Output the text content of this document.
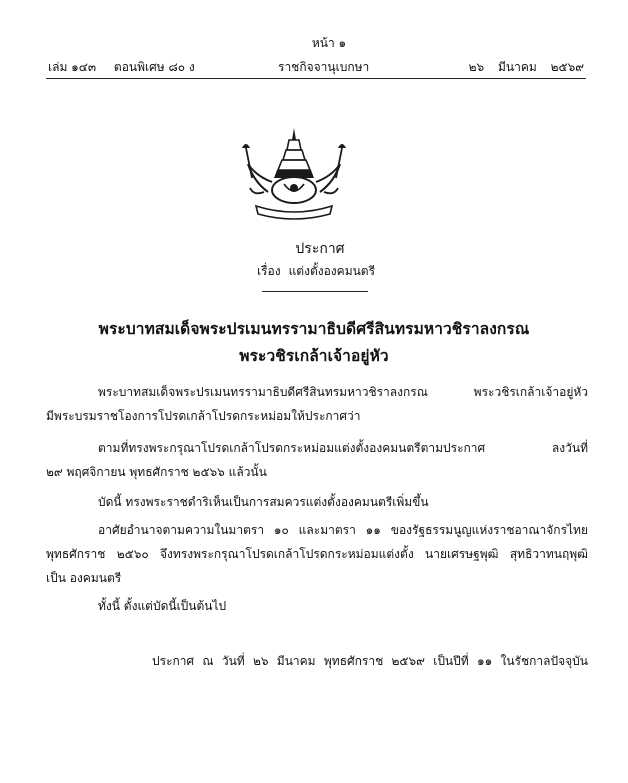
หน้า ๑
เล่ม ๑๔๓ ตอนพิเศษ ๘๐ ง	ราชกิจจานุเบกษา	๒๖ มีนาคม ๒๕๖๙
ประกาศ
เรื่อง แต่งตั้งองคมนตรี
พระบาทสมเด็จพระปรเมนทรรามาธิบดีศรีสินทรมหาวชิราลงกรณ
พระวชิรเกล้าเจ้าอยู่หัว
พระบาทสมเด็จพระปรเมนทรรามาธิบดีศรีสินทรมหาวชิราลงกรณ พระวชิรเกล้าเจ้าอยู่หัว
มีพระบรมราชโองการโปรดเกล้าโปรดกระหม่อมให้ประกาศว่า
ตามที่ทรงพระกรุณาโปรดเกล้าโปรดกระหม่อมแต่งตั้งองคมนตรีตามประกาศ ลงวันที่
๒๙ พฤศจิกายน พุทธศักราช ๒๕๖๖ แล้วนั้น
บัดนี้ ทรงพระราชดำริเห็นเป็นการสมควรแต่งตั้งองคมนตรีเพิ่มขึ้น
อาศัยอำนาจตามความในมาตรา ๑๐ และมาตรา ๑๑ ของรัฐธรรมนูญแห่งราชอาณาจักรไทย
พุทธศักราช ๒๕๖๐ จึงทรงพระกรุณาโปรดเกล้าโปรดกระหม่อมแต่งตั้ง นายเศรษฐพุฒิ สุทธิวาทนฤพุฒิ
เป็น องคมนตรี
ทั้งนี้ ตั้งแต่บัดนี้เป็นต้นไป
ประกาศ ณ วันที่ ๒๖ มีนาคม พุทธศักราช ๒๕๖๙ เป็นปีที่ ๑๑ ในรัชกาลปัจจุบัน
